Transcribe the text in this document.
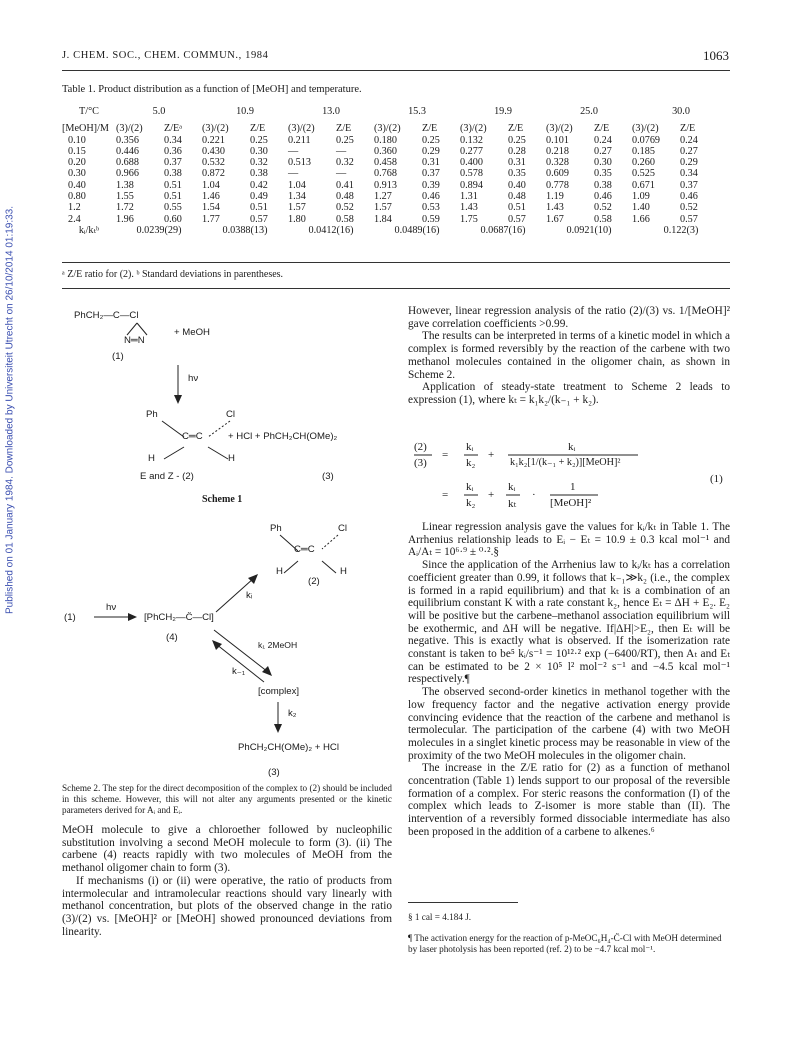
J. CHEM. SOC., CHEM. COMMUN., 1984	1063
Published on 01 January 1984. Downloaded by Universiteit Utrecht on 26/10/2014 01:19:33.
Table 1. Product distribution as a function of [MeOH] and temperature.
T/°C	5.0		10.9		13.0		15.3		19.9		25.0		30.0	
[MeOH]/M	(3)/(2)	Z/Eᵃ	(3)/(2)	Z/E	(3)/(2)	Z/E	(3)/(2)	Z/E	(3)/(2)	Z/E	(3)/(2)	Z/E	(3)/(2)	Z/E
0.10	0.356	0.34	0.221	0.25	0.211	0.25	0.180	0.25	0.132	0.25	0.101	0.24	0.0769	0.24
0.15	0.446	0.36	0.430	0.30	—	—	0.360	0.29	0.277	0.28	0.218	0.27	0.185	0.27
0.20	0.688	0.37	0.532	0.32	0.513	0.32	0.458	0.31	0.400	0.31	0.328	0.30	0.260	0.29
0.30	0.966	0.38	0.872	0.38	—	—	0.768	0.37	0.578	0.35	0.609	0.35	0.525	0.34
0.40	1.38	0.51	1.04	0.42	1.04	0.41	0.913	0.39	0.894	0.40	0.778	0.38	0.671	0.37
0.80	1.55	0.51	1.46	0.49	1.34	0.48	1.27	0.46	1.31	0.48	1.19	0.46	1.09	0.46
1.2	1.72	0.55	1.54	0.51	1.57	0.52	1.57	0.53	1.43	0.51	1.43	0.52	1.40	0.52
2.4	1.96	0.60	1.77	0.57	1.80	0.58	1.84	0.59	1.75	0.57	1.67	0.58	1.66	0.57
kᵢ/kₜᵇ	0.0239(29)		0.0388(13)		0.0412(16)		0.0489(16)		0.0687(16)		0.0921(10)		0.122(3)	
ᵃ Z/E ratio for (2). ᵇ Standard deviations in parentheses.
PhCH₂—C—Cl
N═N
+ MeOH
(1)
hν
Ph	Cl
C═C
H	H
+ HCl + PhCH₂CH(OMe)₂
E and Z - (2)	(3)
Scheme 1
Ph	Cl
C═C
H	H
(2)
kᵢ
(1)
hν
[PhCH₂—C̈—Cl]
(4)
k₁ 2MeOH
k₋₁
[complex]
k₂
PhCH₂CH(OMe)₂ + HCl
(3)
Scheme 2. The step for the direct decomposition of the complex to (2) should be included in this scheme. However, this will not alter any arguments presented or the kinetic parameters derived for Aᵢ and Eᵢ.

MeOH molecule to give a chloroether followed by nucleophilic substitution involving a second MeOH molecule to form (3). (ii) The carbene (4) reacts rapidly with two molecules of MeOH from the methanol oligomer chain to form (3).

If mechanisms (i) or (ii) were operative, the ratio of products from intermolecular and intramolecular reactions should vary linearly with methanol concentration, but plots of the observed change in the ratio (3)/(2) vs. [MeOH]² or [MeOH] showed pronounced deviations from linearity.

However, linear regression analysis of the ratio (2)/(3) vs. 1/[MeOH]² gave correlation coefficients >0.99.

The results can be interpreted in terms of a kinetic model in which a complex is formed reversibly by the reaction of the carbene with two methanol molecules contained in the oligomer chain, as shown in Scheme 2.

Application of steady-state treatment to Scheme 2 leads to expression (1), where kₜ = k₁k₂/(k₋₁ + k₂).

(2)
(3)
=
kᵢ
k₂
+
kᵢ
k₁k₂[1/(k₋₁ + k₂)][MeOH]²
=
kᵢ
k₂
+
kᵢ
kₜ
·
1
[MeOH]²
(1)

Linear regression analysis gave the values for kᵢ/kₜ in Table 1. The Arrhenius relationship leads to Eᵢ − Eₜ = 10.9 ± 0.3 kcal mol⁻¹ and Aᵢ/Aₜ = 10⁶·⁹ ± ⁰·².§

Since the application of the Arrhenius law to kᵢ/kₜ has a correlation coefficient greater than 0.99, it follows that k₋₁≫k₂ (i.e., the complex is formed in a rapid equilibrium) and that kₜ is a combination of an equilibrium constant K with a rate constant k₂, hence Eₜ = ΔH + E₂. E₂ will be positive but the carbene–methanol association equilibrium will be exothermic, and ΔH will be negative. If|ΔH|>E₂, then Eₜ will be negative. This is exactly what is observed. If the isomerization rate constant is taken to be⁵ kᵢ/s⁻¹ = 10¹²·² exp (−6400/RT), then Aₜ and Eₜ can be estimated to be 2 × 10⁵ l² mol⁻² s⁻¹ and −4.5 kcal mol⁻¹ respectively.¶

The observed second-order kinetics in methanol together with the low frequency factor and the negative activation energy provide convincing evidence that the reaction of the carbene and methanol is termolecular. The participation of the carbene (4) with two MeOH molecules in a singlet kinetic process may be reasonable in view of the proximity of the two MeOH molecules in the oligomer chain.

The increase in the Z/E ratio for (2) as a function of methanol concentration (Table 1) lends support to our proposal of the reversible formation of a complex. For steric reasons the conformation (I) of the complex which leads to Z-isomer is more stable than (II). The intervention of a reversibly formed dissociable intermediate has also been proposed in the addition of a carbene to alkenes.⁶

§ 1 cal = 4.184 J.

¶ The activation energy for the reaction of p-MeOC₆H₄-C̈-Cl with MeOH determined by laser photolysis has been reported (ref. 2) to be −4.7 kcal mol⁻¹.
